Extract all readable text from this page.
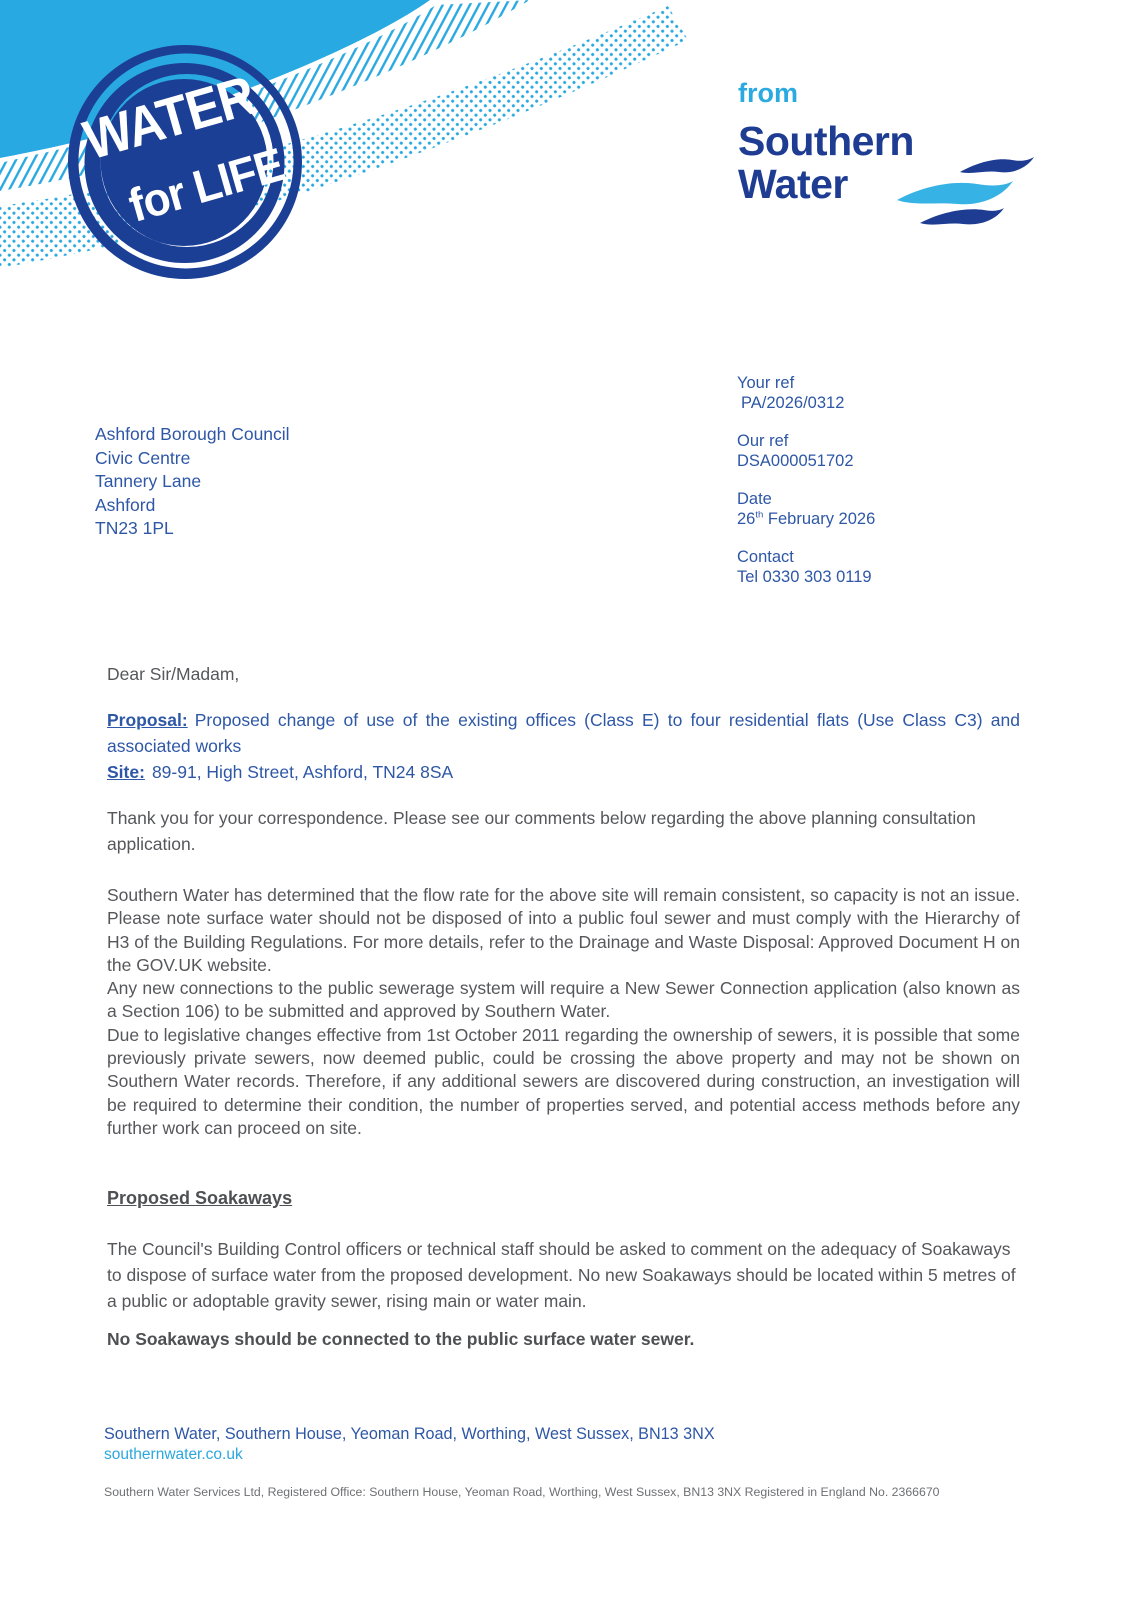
WATER
for LIFE
from
Southern
Water
Ashford Borough Council
Civic Centre
Tannery Lane
Ashford
TN23 1PL
Your ref
PA/2026/0312
Our ref
DSA000051702
Date
26th February 2026
Contact
Tel 0330 303 0119

Dear Sir/Madam,

Proposal: Proposed change of use of the existing offices (Class E) to four residential flats (Use Class C3) and associated works

Site: 89-91, High Street, Ashford, TN24 8SA

Thank you for your correspondence. Please see our comments below regarding the above planning consultation application.

Southern Water has determined that the flow rate for the above site will remain consistent, so capacity is not an issue. Please note surface water should not be disposed of into a public foul sewer and must comply with the Hierarchy of H3 of the Building Regulations. For more details, refer to the Drainage and Waste Disposal: Approved Document H on the GOV.UK website.

Any new connections to the public sewerage system will require a New Sewer Connection application (also known as a Section 106) to be submitted and approved by Southern Water.

Due to legislative changes effective from 1st October 2011 regarding the ownership of sewers, it is possible that some previously private sewers, now deemed public, could be crossing the above property and may not be shown on Southern Water records. Therefore, if any additional sewers are discovered during construction, an investigation will be required to determine their condition, the number of properties served, and potential access methods before any further work can proceed on site.

Proposed Soakaways

The Council's Building Control officers or technical staff should be asked to comment on the adequacy of Soakaways to dispose of surface water from the proposed development. No new Soakaways should be located within 5 metres of a public or adoptable gravity sewer, rising main or water main.

No Soakaways should be connected to the public surface water sewer.

Southern Water, Southern House, Yeoman Road, Worthing, West Sussex, BN13 3NX

southernwater.co.uk

Southern Water Services Ltd, Registered Office: Southern House, Yeoman Road, Worthing, West Sussex, BN13 3NX Registered in England No. 2366670
